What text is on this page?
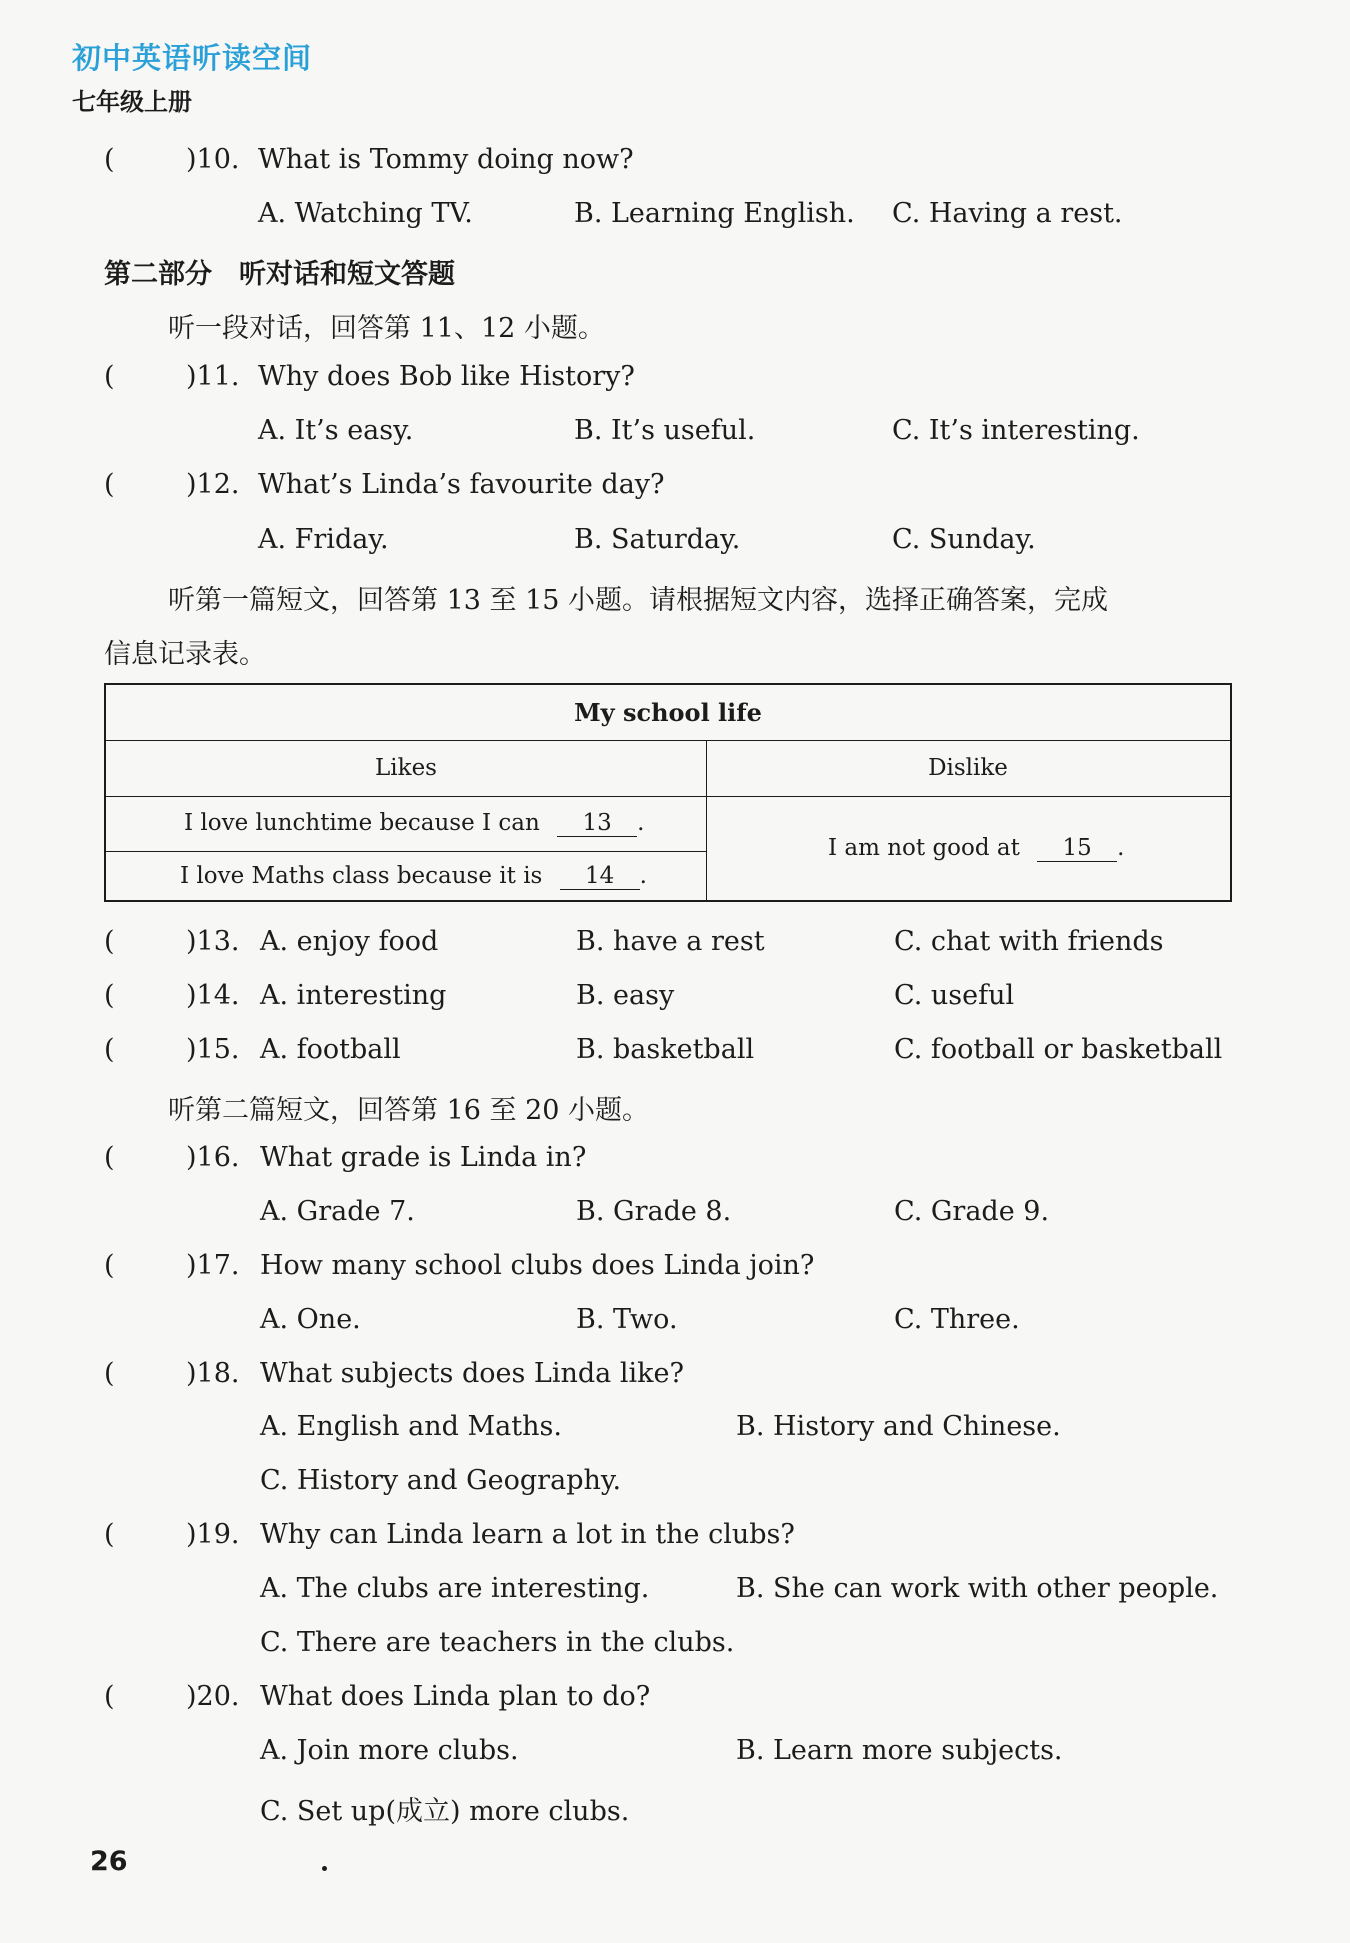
初中英语听读空间
七年级上册
(	)10. What is Tommy doing now?
A. Watching TV.	B. Learning English. C. Having a rest.
第二部分　听对话和短文答题
听一段对话，回答第 11、12 小题。
(	)11. Why does Bob like History?
A. It’s easy.	B. It’s useful.	C. It’s interesting.
(	)12. What’s Linda’s favourite day?
A. Friday.	B. Saturday.	C. Sunday.
听第一篇短文，回答第 13 至 15 小题。请根据短文内容，选择正确答案，完成
信息记录表。
My school life
Likes	Dislike
I love lunchtime because I can 13 .
I love Maths class because it is 14 .
I am not good at 15 .
(	)13. A. enjoy food	B. have a rest	C. chat with friends
(	)14. A. interesting	B. easy	C. useful
(	)15. A. football	B. basketball	C. football or basketball
听第二篇短文，回答第 16 至 20 小题。
(	)16. What grade is Linda in?
A. Grade 7.	B. Grade 8.	C. Grade 9.
(	)17. How many school clubs does Linda join?
A. One.	B. Two.	C. Three.
(	)18. What subjects does Linda like?
A. English and Maths.	B. History and Chinese.
C. History and Geography.
(	)19. Why can Linda learn a lot in the clubs?
A. The clubs are interesting.	B. She can work with other people.
C. There are teachers in the clubs.
(	)20. What does Linda plan to do?
A. Join more clubs.	B. Learn more subjects.
C. Set up(成立) more clubs.
26
